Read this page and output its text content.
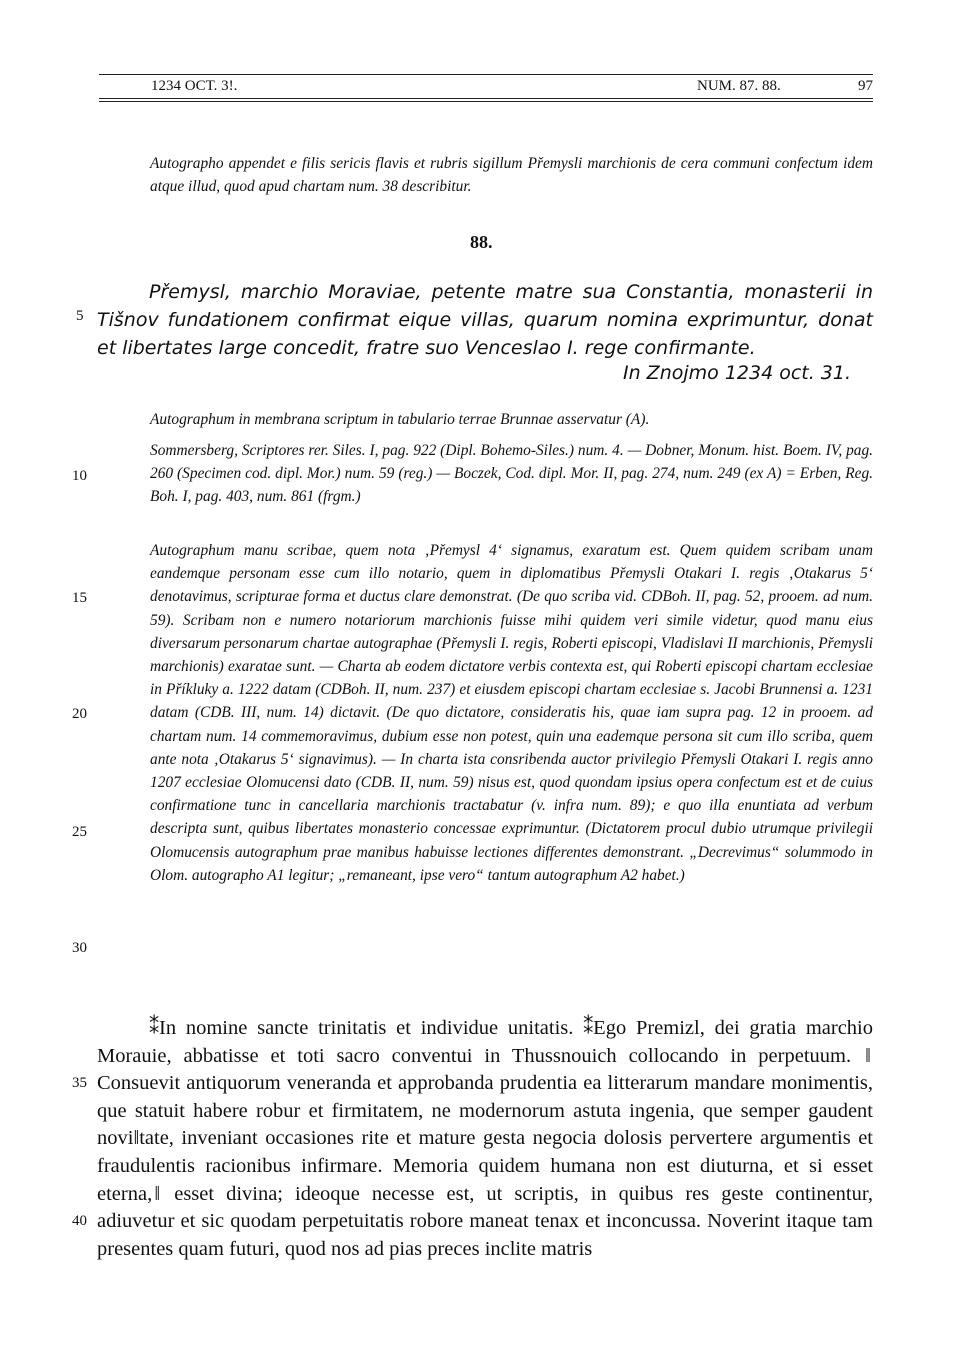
1234 OCT. 3!.	NUM. 87. 88.	97

Autographo appendet e filis sericis flavis et rubris sigillum Přemysli marchionis de cera communi confectum idem atque illud, quod apud chartam num. 38 describitur.

88.

Přemysl, marchio Moraviae, petente matre sua Constantia, monasterii in Tišnov fundationem confirmat eique villas, quarum nomina exprimuntur, donat et libertates large concedit, fratre suo Venceslao I. rege confirmante.

In Znojmo 1234 oct. 31.

Autographum in membrana scriptum in tabulario terrae Brunnae asservatur (A).

Sommersberg, Scriptores rer. Siles. I, pag. 922 (Dipl. Bohemo-Siles.) num. 4. — Dobner, Monum. hist. Boem. IV, pag. 260 (Specimen cod. dipl. Mor.) num. 59 (reg.) — Boczek, Cod. dipl. Mor. II, pag. 274, num. 249 (ex A) = Erben, Reg. Boh. I, pag. 403, num. 861 (frgm.)

Autographum manu scribae, quem nota ‚Přemysl 4‘ signamus, exaratum est. Quem quidem scribam unam eandemque personam esse cum illo notario, quem in diplomatibus Přemysli Otakari I. regis ‚Otakarus 5‘ denotavimus, scripturae forma et ductus clare demonstrat. (De quo scriba vid. CDBoh. II, pag. 52, prooem. ad num. 59). Scribam non e numero notariorum marchionis fuisse mihi quidem veri simile videtur, quod manu eius diversarum personarum chartae autographae (Přemysli I. regis, Roberti episcopi, Vladislavi II marchionis, Přemysli marchionis) exaratae sunt. — Charta ab eodem dictatore verbis contexta est, qui Roberti episcopi chartam ecclesiae in Příkluky a. 1222 datam (CDBoh. II, num. 237) et eiusdem episcopi chartam ecclesiae s. Jacobi Brunnensi a. 1231 datam (CDB. III, num. 14) dictavit. (De quo dictatore, consideratis his, quae iam supra pag. 12 in prooem. ad chartam num. 14 commemoravimus, dubium esse non potest, quin una eademque persona sit cum illo scriba, quem ante nota ‚Otakarus 5‘ signavimus). — In charta ista consribenda auctor privilegio Přemysli Otakari I. regis anno 1207 ecclesiae Olomucensi dato (CDB. II, num. 59) nisus est, quod quondam ipsius opera confectum est et de cuius confirmatione tunc in cancellaria marchionis tractabatur (v. infra num. 89); e quo illa enuntiata ad verbum descripta sunt, quibus libertates monasterio concessae exprimuntur. (Dictatorem procul dubio utrumque privilegii Olomucensis autographum prae manibus habuisse lectiones differentes demonstrant. „Decrevimus“ solummodo in Olom. autographo A1 legitur; „remaneant, ipse vero“ tantum autographum A2 habet.)

⁑In nomine sancte trinitatis et individue unitatis. ⁑Ego Premizl, dei gratia marchio Morauie, abbatisse et toti sacro conventui in Thussnouich collocando in perpetuum. ‖ Consuevit antiquorum veneranda et approbanda prudentia ea litterarum mandare monimentis, que statuit habere robur et firmitatem, ne modernorum astuta ingenia, que semper gaudent novi‖tate, inveniant occasiones rite et mature gesta negocia dolosis pervertere argumentis et fraudulentis racionibus infirmare. Memoria quidem humana non est diuturna, et si esset eterna, ‖ esset divina; ideoque necesse est, ut scriptis, in quibus res geste continentur, adiuvetur et sic quodam perpetuitatis robore maneat tenax et inconcussa. Noverint itaque tam presentes quam futuri, quod nos ad pias preces inclite matris

5
10
15
20
25
30
35
40
